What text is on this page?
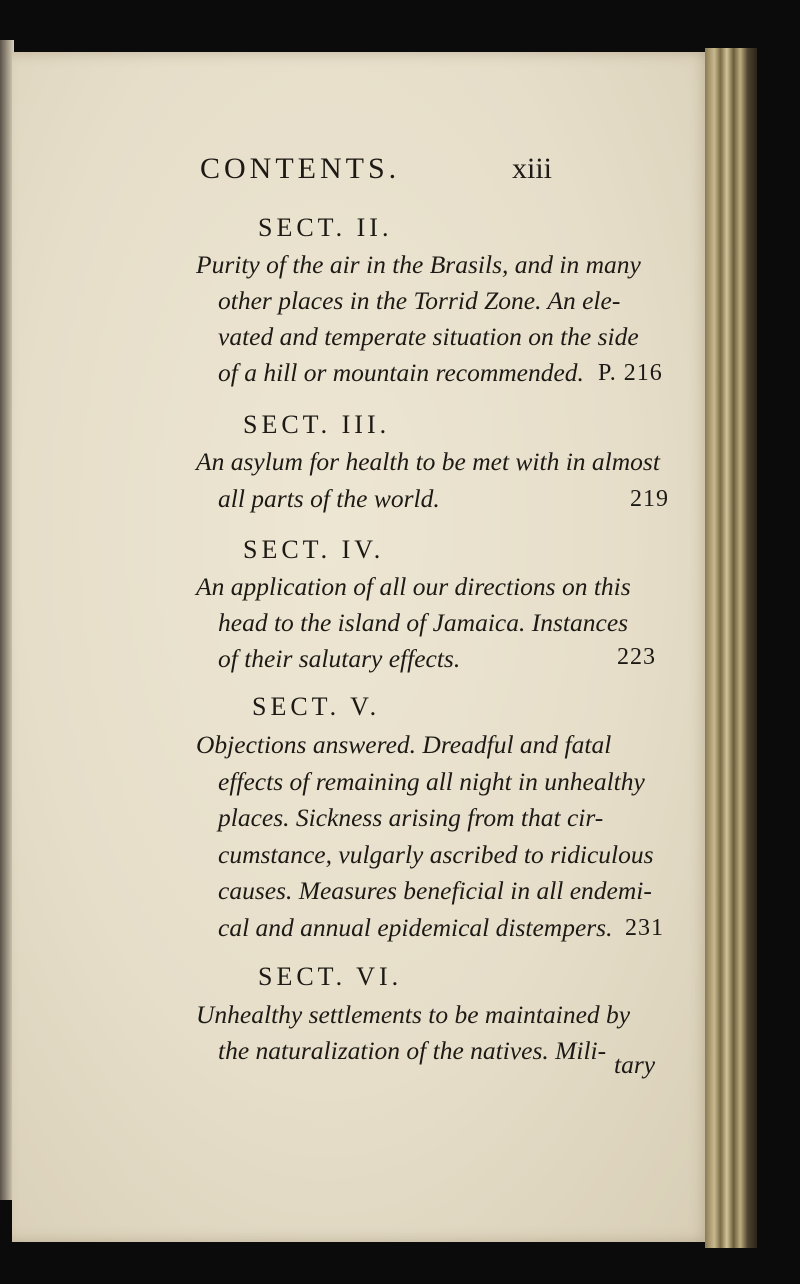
CONTENTS.	xiii
SECT. II.
Purity of the air in the Brasils, and in many
other places in the Torrid Zone. An ele-
vated and temperate situation on the side
of a hill or mountain recommended. P. 216
SECT. III.
An asylum for health to be met with in almost
all parts of the world.	219
SECT. IV.
An application of all our directions on this
head to the island of Jamaica. Instances
of their salutary effects.	223
SECT. V.
Objections answered. Dreadful and fatal
effects of remaining all night in unhealthy
places. Sickness arising from that cir-
cumstance, vulgarly ascribed to ridiculous
causes. Measures beneficial in all endemi-
cal and annual epidemical distempers. 231
SECT. VI.
Unhealthy settlements to be maintained by
the naturalization of the natives. Mili- tary
